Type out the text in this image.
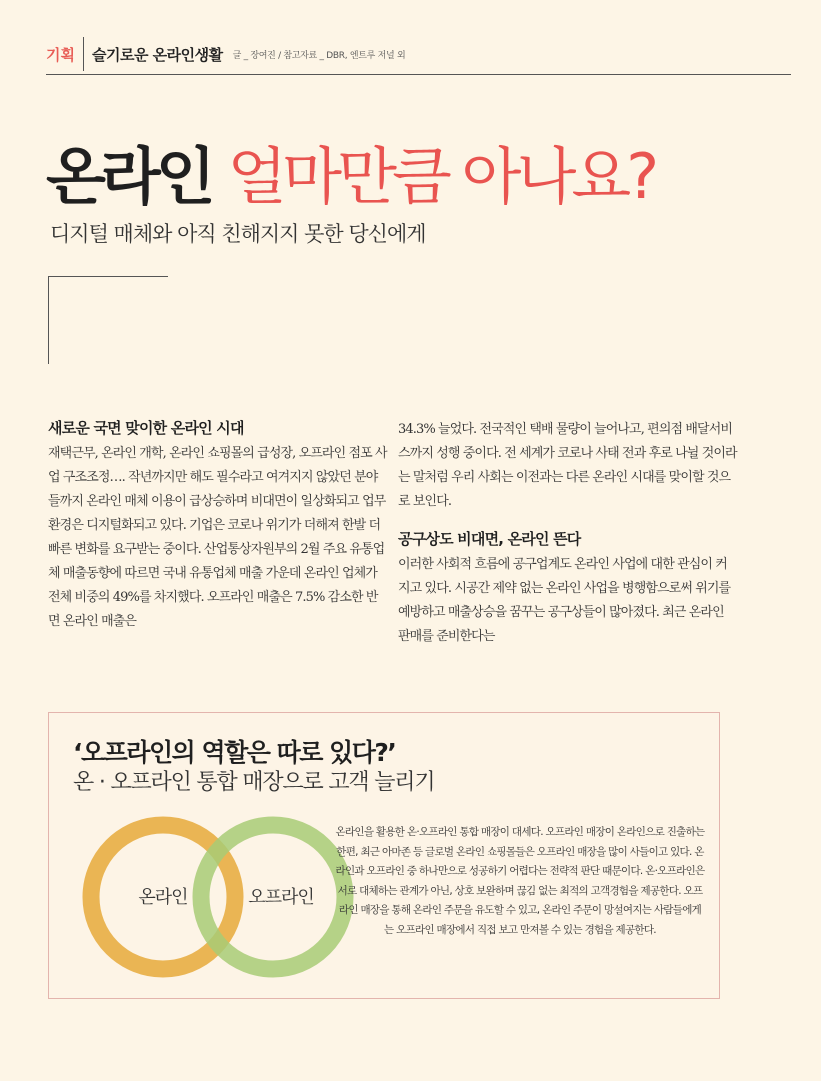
기획 슬기로운 온라인생활 글 _ 장여진 / 참고자료 _ DBR, 엔트루 저널 외
온라인 얼마만큼 아나요?
디지털 매체와 아직 친해지지 못한 당신에게
새로운 국면 맞이한 온라인 시대

재택근무, 온라인 개학, 온라인 쇼핑몰의 급성장, 오프라인 점포 사업 구조조정…. 작년까지만 해도 필수라고 여겨지지 않았던 분야들까지 온라인 매체 이용이 급상승하며 비대면이 일상화되고 업무환경은 디지털화되고 있다. 기업은 코로나 위기가 더해져 한발 더 빠른 변화를 요구받는 중이다. 산업통상자원부의 2월 주요 유통업체 매출동향에 따르면 국내 유통업체 매출 가운데 온라인 업체가 전체 비중의 49%를 차지했다. 오프라인 매출은 7.5% 감소한 반면 온라인 매출은

34.3% 늘었다. 전국적인 택배 물량이 늘어나고, 편의점 배달서비스까지 성행 중이다. 전 세계가 코로나 사태 전과 후로 나뉠 것이라는 말처럼 우리 사회는 이전과는 다른 온라인 시대를 맞이할 것으로 보인다.

공구상도 비대면, 온라인 뜬다

이러한 사회적 흐름에 공구업계도 온라인 사업에 대한 관심이 커지고 있다. 시공간 제약 없는 온라인 사업을 병행함으로써 위기를 예방하고 매출상승을 꿈꾸는 공구상들이 많아졌다. 최근 온라인 판매를 준비한다는

‘오프라인의 역할은 따로 있다?’
온 · 오프라인 통합 매장으로 고객 늘리기
온라인	오프라인

온라인을 활용한 온·오프라인 통합 매장이 대세다. 오프라인 매장이 온라인으로 진출하는 한편, 최근 아마존 등 글로벌 온라인 쇼핑몰들은 오프라인 매장을 많이 사들이고 있다. 온라인과 오프라인 중 하나만으로 성공하기 어렵다는 전략적 판단 때문이다. 온·오프라인은 서로 대체하는 관계가 아닌, 상호 보완하며 끊김 없는 최적의 고객경험을 제공한다. 오프라인 매장을 통해 온라인 주문을 유도할 수 있고, 온라인 주문이 망설여지는 사람들에게는 오프라인 매장에서 직접 보고 만져볼 수 있는 경험을 제공한다.
